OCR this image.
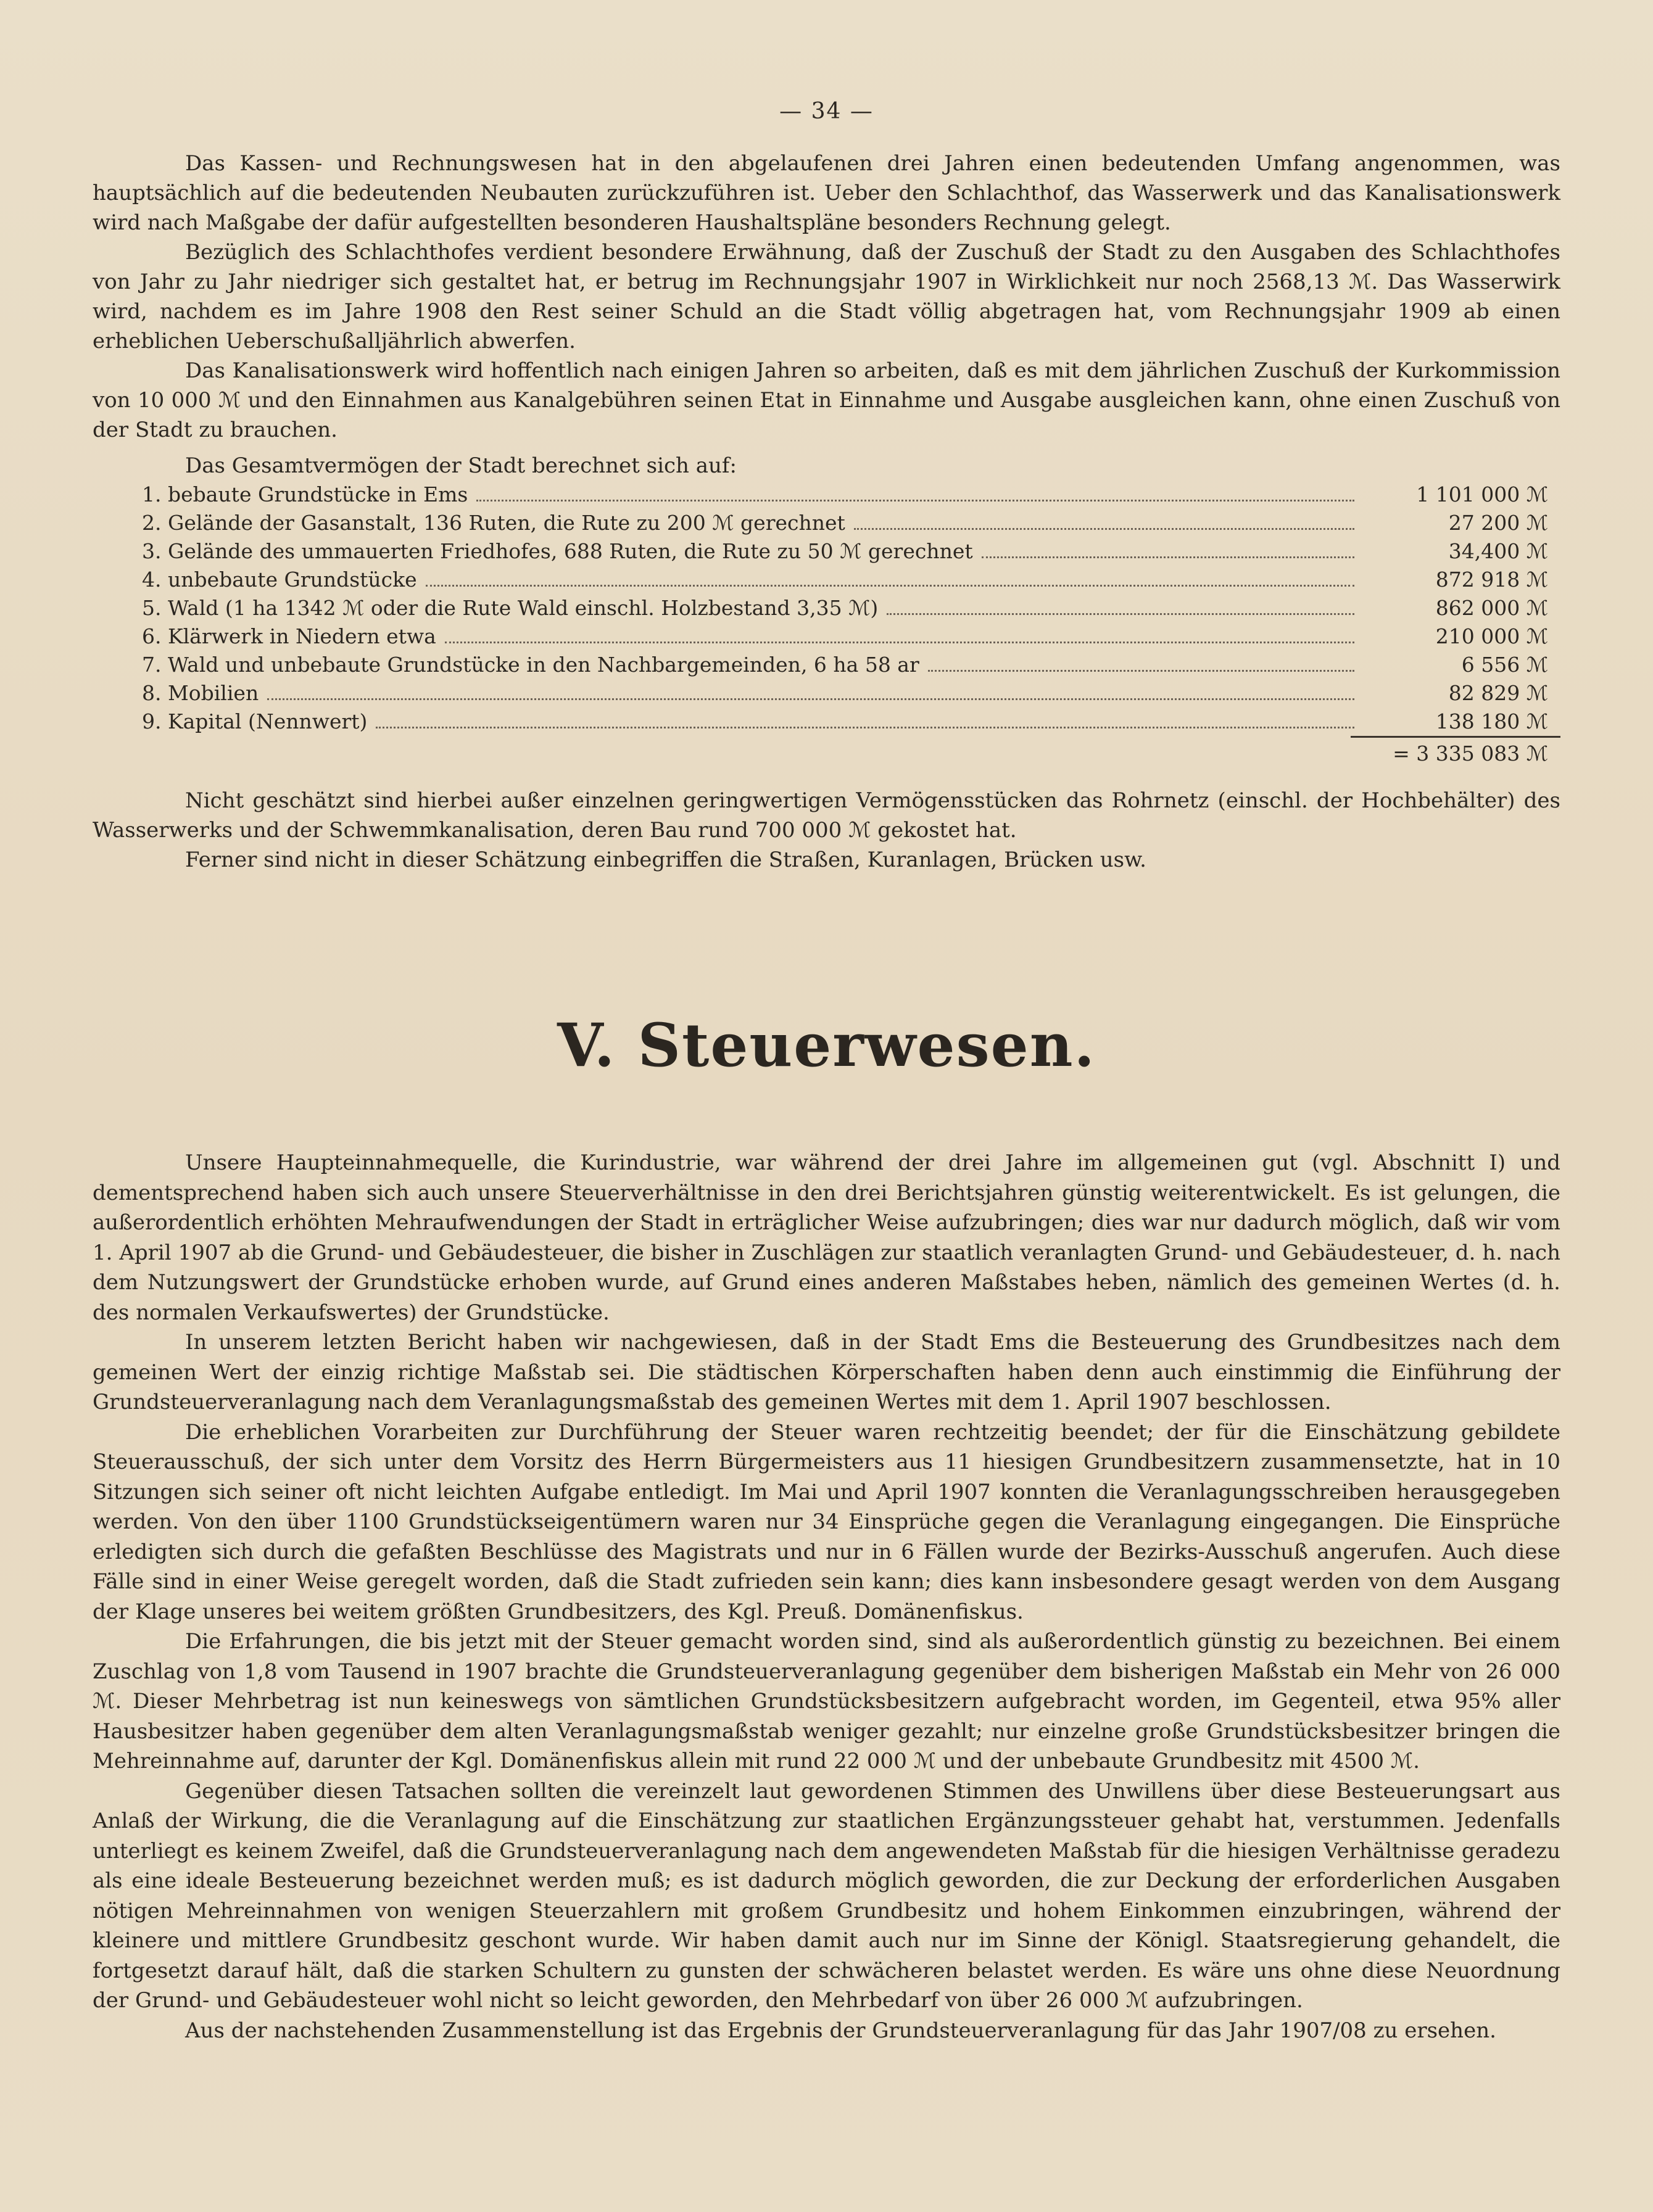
— 34 —

Das Kassen- und Rechnungswesen hat in den abgelaufenen drei Jahren einen bedeutenden Umfang angenommen, was hauptsächlich auf die bedeutenden Neubauten zurückzuführen ist. Ueber den Schlachthof, das Wasserwerk und das Kanalisationswerk wird nach Maßgabe der dafür aufgestellten besonderen Haushaltspläne besonders Rechnung gelegt.

Bezüglich des Schlachthofes verdient besondere Erwähnung, daß der Zuschuß der Stadt zu den Ausgaben des Schlachthofes von Jahr zu Jahr niedriger sich gestaltet hat, er betrug im Rechnungsjahr 1907 in Wirklichkeit nur noch 2568,13 ℳ. Das Wasserwirk wird, nachdem es im Jahre 1908 den Rest seiner Schuld an die Stadt völlig abgetragen hat, vom Rechnungsjahr 1909 ab einen erheblichen Ueberschußalljährlich abwerfen.

Das Kanalisationswerk wird hoffentlich nach einigen Jahren so arbeiten, daß es mit dem jährlichen Zuschuß der Kurkommission von 10 000 ℳ und den Einnahmen aus Kanalgebühren seinen Etat in Einnahme und Ausgabe ausgleichen kann, ohne einen Zuschuß von der Stadt zu brauchen.

Das Gesamtvermögen der Stadt berechnet sich auf:

1. bebaute Grundstücke in Ems	1 101 000 ℳ
2. Gelände der Gasanstalt, 136 Ruten, die Rute zu 200 ℳ gerechnet	27 200 ℳ
3. Gelände des ummauerten Friedhofes, 688 Ruten, die Rute zu 50 ℳ gerechnet	34,400 ℳ
4. unbebaute Grundstücke	872 918 ℳ
5. Wald (1 ha 1342 ℳ oder die Rute Wald einschl. Holzbestand 3,35 ℳ)	862 000 ℳ
6. Klärwerk in Niedern etwa	210 000 ℳ
7. Wald und unbebaute Grundstücke in den Nachbargemeinden, 6 ha 58 ar	6 556 ℳ
8. Mobilien	82 829 ℳ
9. Kapital (Nennwert)	138 180 ℳ
= 3 335 083 ℳ

Nicht geschätzt sind hierbei außer einzelnen geringwertigen Vermögensstücken das Rohrnetz (einschl. der Hochbehälter) des Wasserwerks und der Schwemmkanalisation, deren Bau rund 700 000 ℳ gekostet hat.

Ferner sind nicht in dieser Schätzung einbegriffen die Straßen, Kuranlagen, Brücken usw.

V. Steuerwesen.

Unsere Haupteinnahmequelle, die Kurindustrie, war während der drei Jahre im allgemeinen gut (vgl. Abschnitt I) und dementsprechend haben sich auch unsere Steuerverhältnisse in den drei Berichtsjahren günstig weiterentwickelt. Es ist gelungen, die außerordentlich erhöhten Mehraufwendungen der Stadt in erträglicher Weise aufzubringen; dies war nur dadurch möglich, daß wir vom 1. April 1907 ab die Grund- und Gebäudesteuer, die bisher in Zuschlägen zur staatlich veranlagten Grund- und Gebäudesteuer, d. h. nach dem Nutzungswert der Grundstücke erhoben wurde, auf Grund eines anderen Maßstabes heben, nämlich des gemeinen Wertes (d. h. des normalen Verkaufswertes) der Grundstücke.

In unserem letzten Bericht haben wir nachgewiesen, daß in der Stadt Ems die Besteuerung des Grundbesitzes nach dem gemeinen Wert der einzig richtige Maßstab sei. Die städtischen Körperschaften haben denn auch einstimmig die Einführung der Grundsteuerveranlagung nach dem Veranlagungsmaßstab des gemeinen Wertes mit dem 1. April 1907 beschlossen.

Die erheblichen Vorarbeiten zur Durchführung der Steuer waren rechtzeitig beendet; der für die Einschätzung gebildete Steuerausschuß, der sich unter dem Vorsitz des Herrn Bürgermeisters aus 11 hiesigen Grundbesitzern zusammensetzte, hat in 10 Sitzungen sich seiner oft nicht leichten Aufgabe entledigt. Im Mai und April 1907 konnten die Veranlagungsschreiben herausgegeben werden. Von den über 1100 Grundstückseigentümern waren nur 34 Einsprüche gegen die Veranlagung eingegangen. Die Einsprüche erledigten sich durch die gefaßten Beschlüsse des Magistrats und nur in 6 Fällen wurde der Bezirks-Ausschuß angerufen. Auch diese Fälle sind in einer Weise geregelt worden, daß die Stadt zufrieden sein kann; dies kann insbesondere gesagt werden von dem Ausgang der Klage unseres bei weitem größten Grundbesitzers, des Kgl. Preuß. Domänenfiskus.

Die Erfahrungen, die bis jetzt mit der Steuer gemacht worden sind, sind als außerordentlich günstig zu bezeichnen. Bei einem Zuschlag von 1,8 vom Tausend in 1907 brachte die Grundsteuerveranlagung gegenüber dem bisherigen Maßstab ein Mehr von 26 000 ℳ. Dieser Mehrbetrag ist nun keineswegs von sämtlichen Grundstücksbesitzern aufgebracht worden, im Gegenteil, etwa 95% aller Hausbesitzer haben gegenüber dem alten Veranlagungsmaßstab weniger gezahlt; nur einzelne große Grundstücksbesitzer bringen die Mehreinnahme auf, darunter der Kgl. Domänenfiskus allein mit rund 22 000 ℳ und der unbebaute Grundbesitz mit 4500 ℳ.

Gegenüber diesen Tatsachen sollten die vereinzelt laut gewordenen Stimmen des Unwillens über diese Besteuerungsart aus Anlaß der Wirkung, die die Veranlagung auf die Einschätzung zur staatlichen Ergänzungssteuer gehabt hat, verstummen. Jedenfalls unterliegt es keinem Zweifel, daß die Grundsteuerveranlagung nach dem angewendeten Maßstab für die hiesigen Verhältnisse geradezu als eine ideale Besteuerung bezeichnet werden muß; es ist dadurch möglich geworden, die zur Deckung der erforderlichen Ausgaben nötigen Mehreinnahmen von wenigen Steuerzahlern mit großem Grundbesitz und hohem Einkommen einzubringen, während der kleinere und mittlere Grundbesitz geschont wurde. Wir haben damit auch nur im Sinne der Königl. Staatsregierung gehandelt, die fortgesetzt darauf hält, daß die starken Schultern zu gunsten der schwächeren belastet werden. Es wäre uns ohne diese Neuordnung der Grund- und Gebäudesteuer wohl nicht so leicht geworden, den Mehrbedarf von über 26 000 ℳ aufzubringen.

Aus der nachstehenden Zusammenstellung ist das Ergebnis der Grundsteuerveranlagung für das Jahr 1907/08 zu ersehen.
